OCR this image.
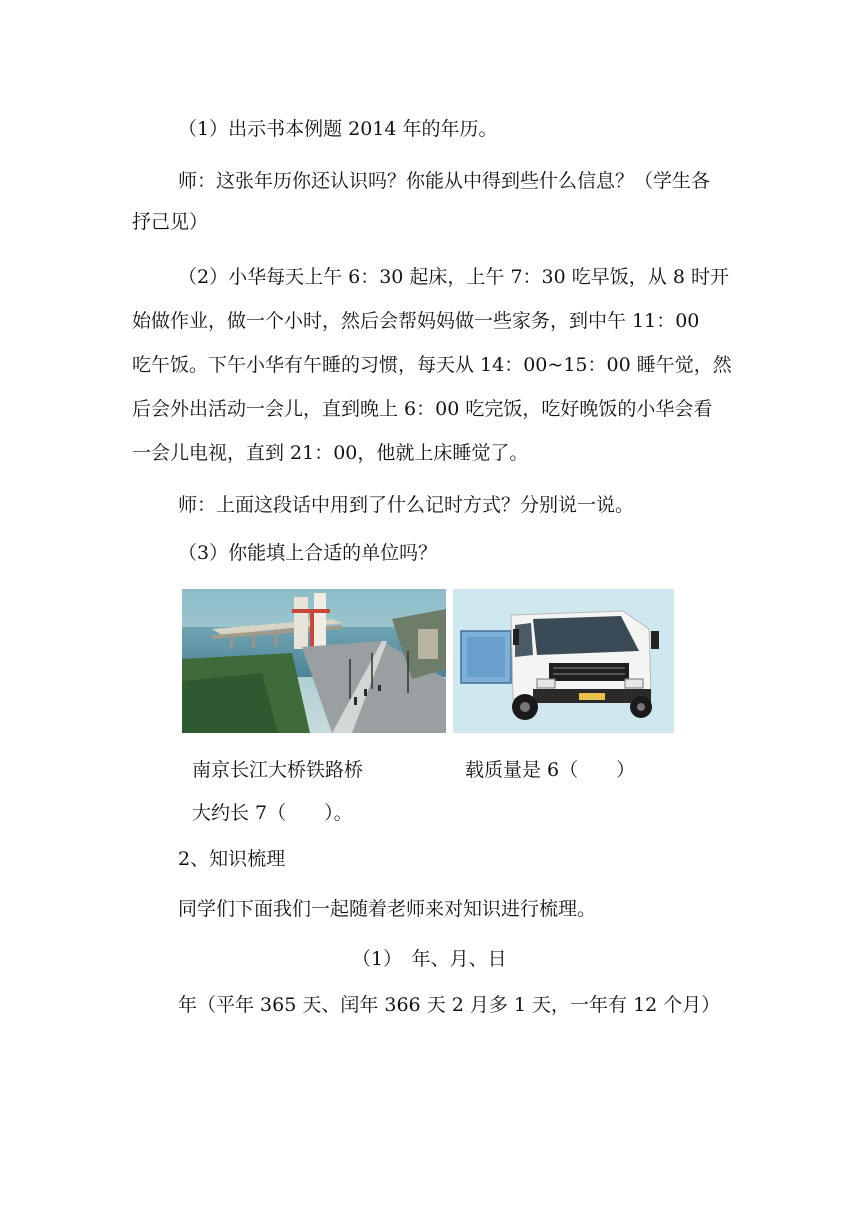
（1）出示书本例题 2014 年的年历。
师：这张年历你还认识吗？你能从中得到些什么信息？（学生各
抒己见）
（2）小华每天上午 6：30 起床，上午 7：30 吃早饭，从 8 时开
始做作业，做一个小时，然后会帮妈妈做一些家务，到中午 11：00
吃午饭。下午小华有午睡的习惯，每天从 14：00~15：00 睡午觉，然
后会外出活动一会儿，直到晚上 6：00 吃完饭，吃好晚饭的小华会看
一会儿电视，直到 21：00，他就上床睡觉了。
师：上面这段话中用到了什么记时方式？分别说一说。
（3）你能填上合适的单位吗？
南京长江大桥铁路桥	载质量是 6（　　）
大约长 7（　　）。
2、知识梳理
同学们下面我们一起随着老师来对知识进行梳理。
（1）　年、月、日
年（平年 365 天、闰年 366 天 2 月多 1 天，一年有 12 个月）
